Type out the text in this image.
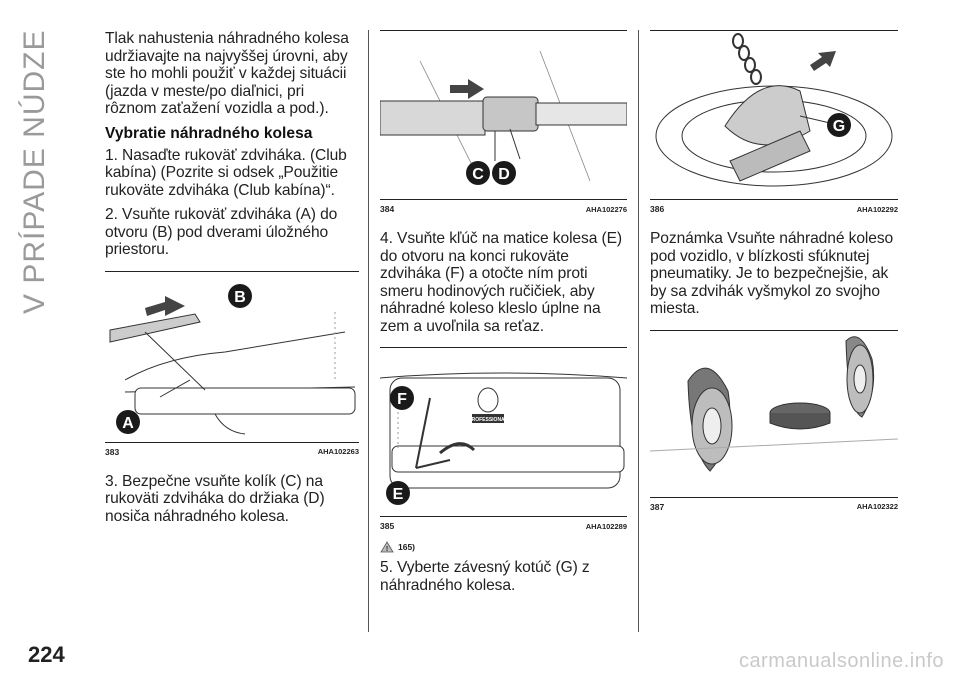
V PRÍPADE NÚDZE
224	carmanualsonline.info

Tlak nahustenia náhradného kolesa udržiavajte na najvyššej úrovni, aby ste ho mohli použiť v každej situácii (jazda v meste/po diaľnici, pri rôznom zaťažení vozidla a pod.).

Vybratie náhradného kolesa

1. Nasaďte rukoväť zdviháka. (Club kabína) (Pozrite si odsek „Použitie rukoväte zdviháka (Club kabína)“.

2. Vsuňte rukoväť zdviháka (A) do otvoru (B) pod dverami úložného priestoru.

B
A
383	AHA102263

3. Bezpečne vsuňte kolík (C) na rukoväti zdviháka do držiaka (D) nosiča náhradného kolesa.

C D
384	AHA102276

4. Vsuňte kľúč na matice kolesa (E) do otvoru na konci rukoväte zdviháka (F) a otočte ním proti smeru hodinových ručičiek, aby náhradné koleso kleslo úplne na zem a uvoľnila sa reťaz.

PROFESSIONAL
F
E
385	AHA102289
! 165)

5. Vyberte závesný kotúč (G) z náhradného kolesa.

G
386	AHA102292

Poznámka Vsuňte náhradné koleso pod vozidlo, v blízkosti sfúknutej pneumatiky. Je to bezpečnejšie, ak by sa zdvihák vyšmykol zo svojho miesta.

387	AHA102322
